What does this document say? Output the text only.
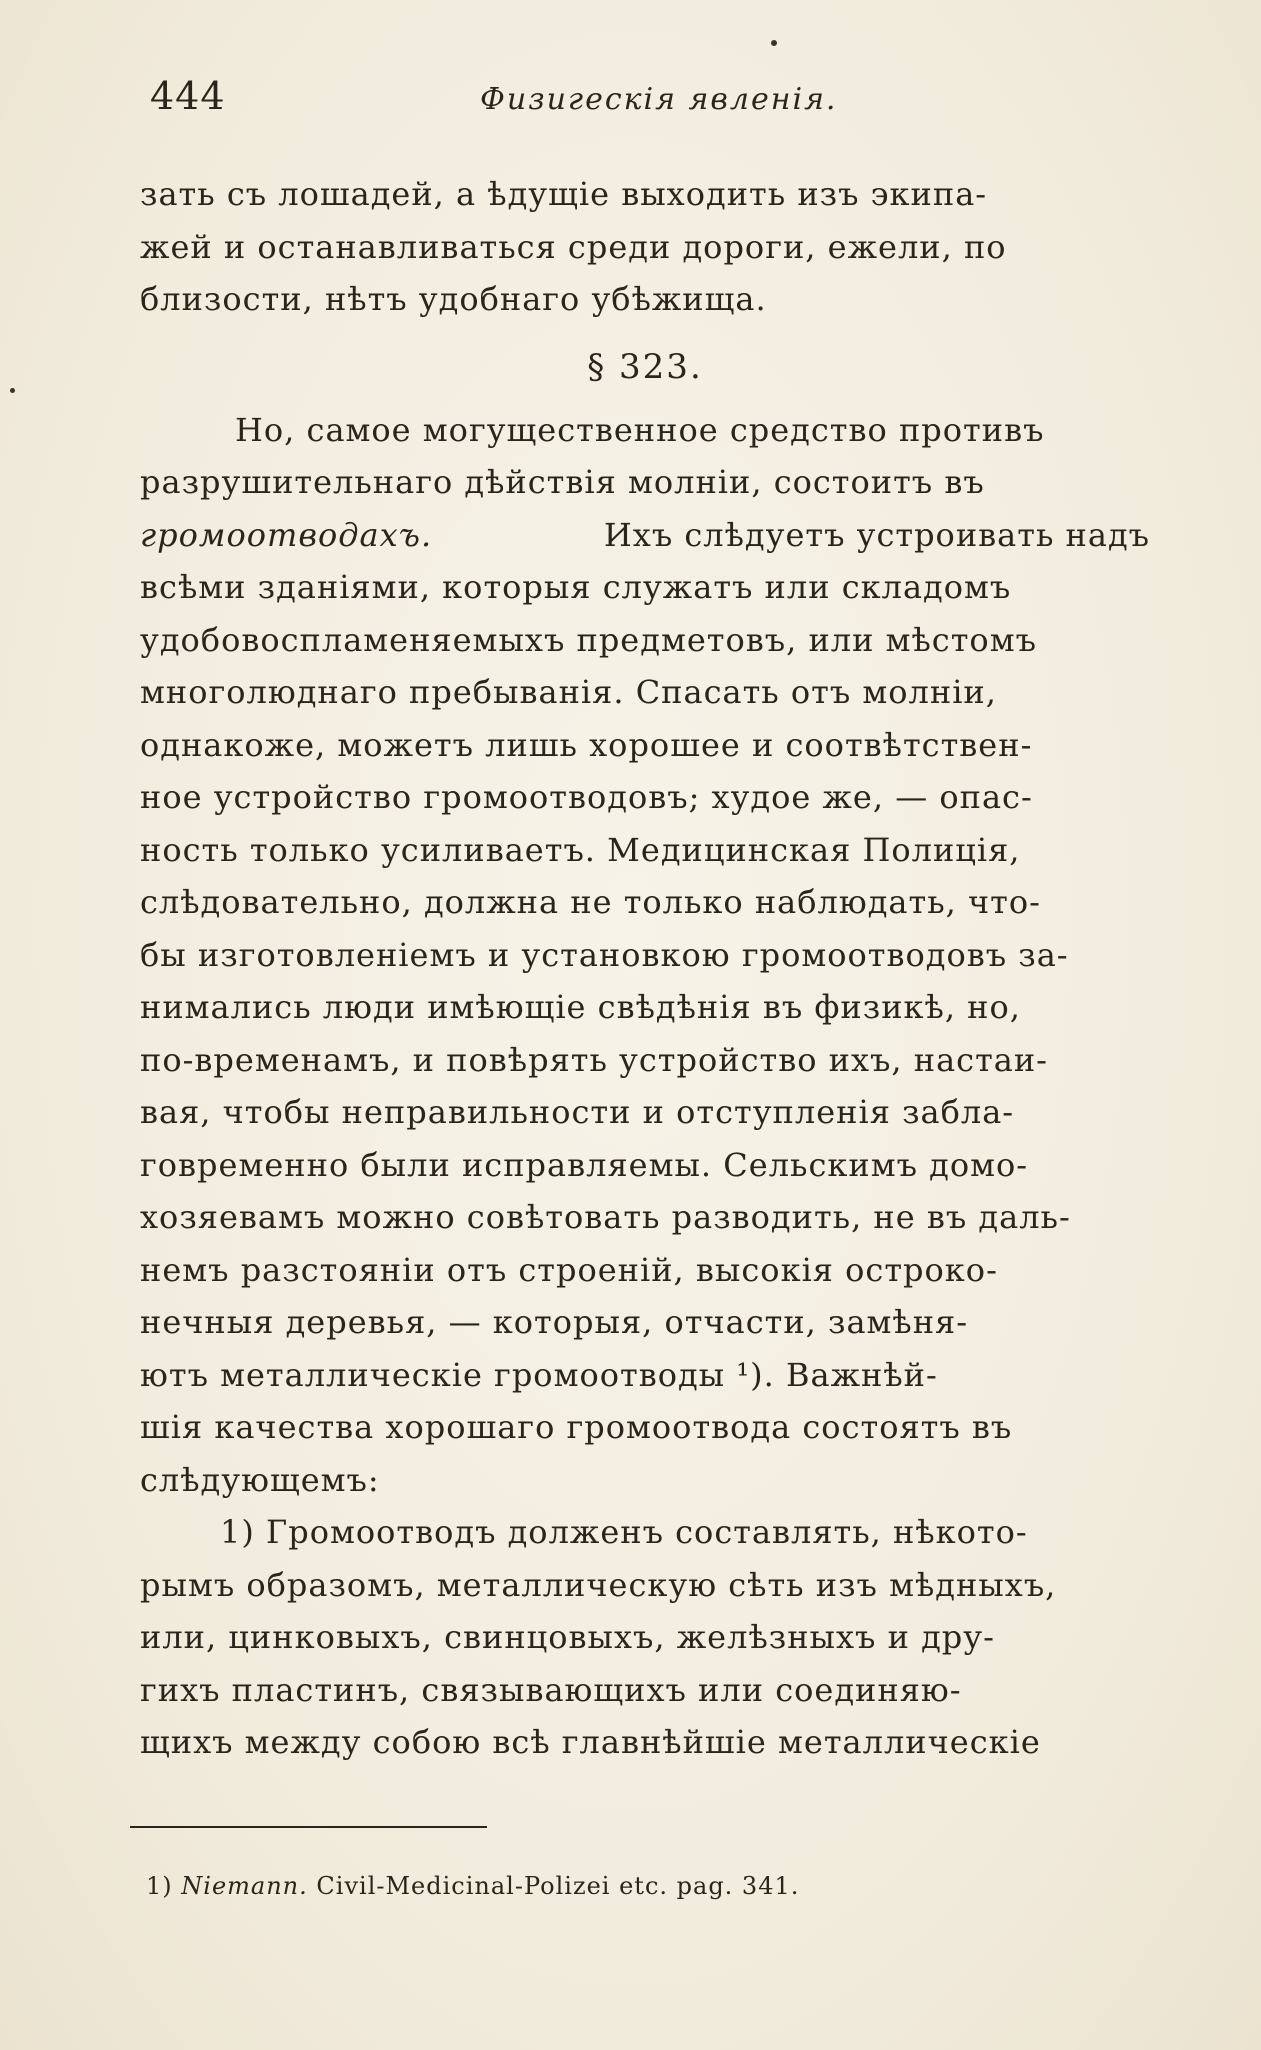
444	Физигескія явленія.
зать съ лошадей, а ѣдущіе выходить изъ экипа-
жей и останавливаться среди дороги, ежели, по
близости, нѣтъ удобнаго убѣжища.
§ 323.
Но, самое могущественное средство противъ
разрушительнаго дѣйствія молніи, состоитъ въ
громоотводахъ.	Ихъ слѣдуетъ устроивать надъ
всѣми зданіями, которыя служатъ или складомъ
удобовоспламеняемыхъ предметовъ, или мѣстомъ
многолюднаго пребыванія. Спасать отъ молніи,
однакоже, можетъ лишь хорошее и соотвѣтствен-
ное устройство громоотводовъ; худое же, — опас-
ность только усиливаетъ. Медицинская Полиція,
слѣдовательно, должна не только наблюдать, что-
бы изготовленіемъ и установкою громоотводовъ за-
нимались люди имѣющіе свѣдѣнія въ физикѣ, но,
по-временамъ, и повѣрять устройство ихъ, настаи-
вая, чтобы неправильности и отступленія забла-
говременно были исправляемы. Сельскимъ домо-
хозяевамъ можно совѣтовать разводить, не въ даль-
немъ разстояніи отъ строеній, высокія остроко-
нечныя деревья, — которыя, отчасти, замѣня-
ютъ металлическіе громоотводы ¹). Важнѣй-
шія качества хорошаго громоотвода состоятъ въ
слѣдующемъ:
1) Громоотводъ долженъ составлять, нѣкото-
рымъ образомъ, металлическую сѣть изъ мѣдныхъ,
или, цинковыхъ, свинцовыхъ, желѣзныхъ и дру-
гихъ пластинъ, связывающихъ или соединяю-
щихъ между собою всѣ главнѣйшіе металлическіе
1) Niemann. Civil-Medicinal-Polizei etc. pag. 341.
